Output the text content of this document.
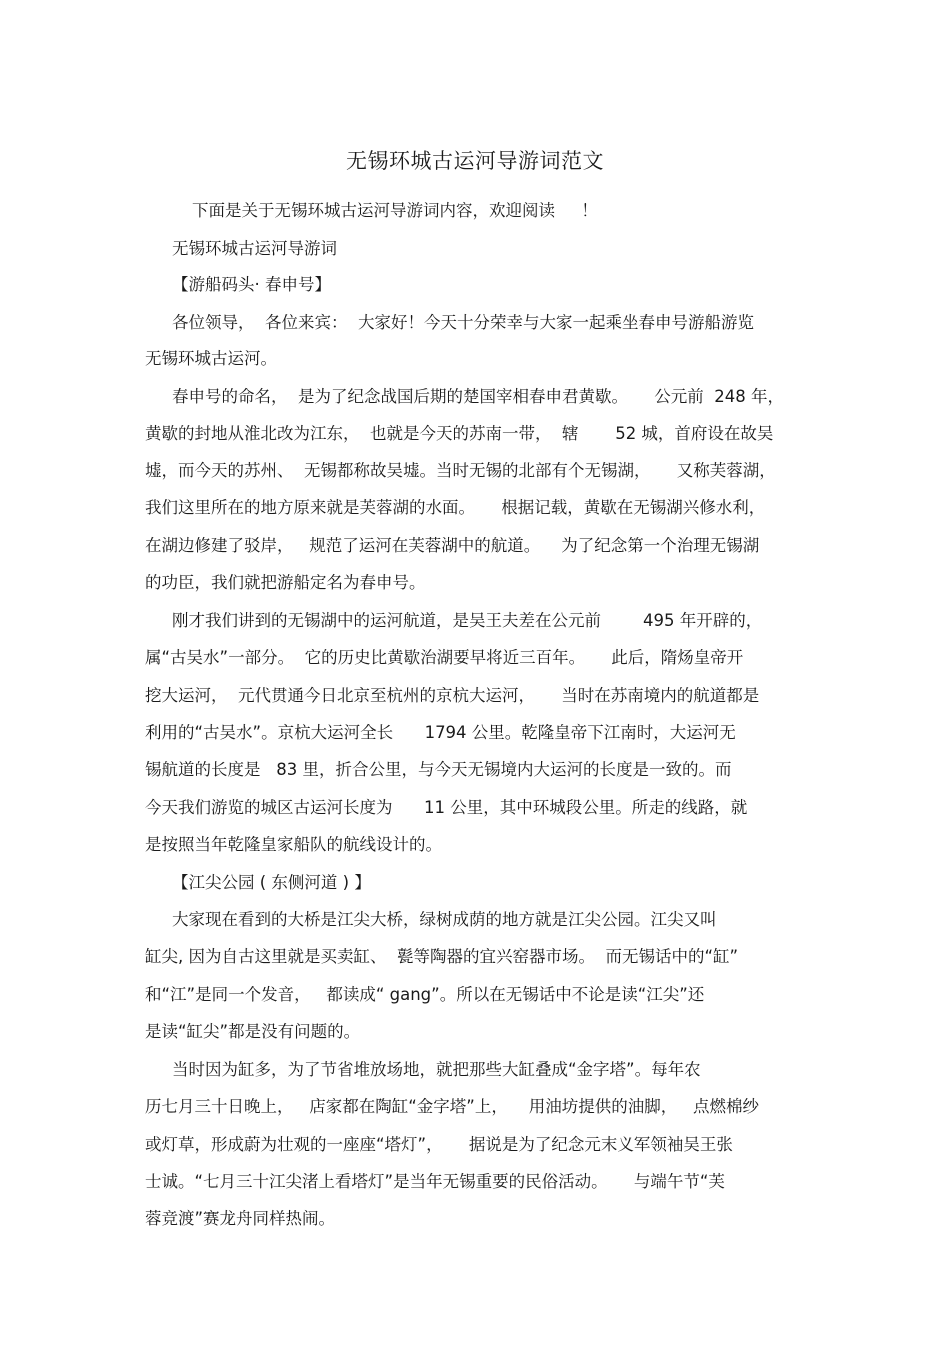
无锡环城古运河导游词范文
下面是关于无锡环城古运河导游词内容，欢迎阅读     ！
无锡环城古运河导游词
【游船码头· 春申号】
各位领导，  各位来宾：  大家好！今天十分荣幸与大家一起乘坐春申号游船游览
无锡环城古运河。
春申号的命名，  是为了纪念战国后期的楚国宰相春申君黄歇。     公元前  248 年，
黄歇的封地从淮北改为江东，  也就是今天的苏南一带，  辖       52 城，首府设在故吴
墟，而今天的苏州、  无锡都称故吴墟。当时无锡的北部有个无锡湖，     又称芙蓉湖，
我们这里所在的地方原来就是芙蓉湖的水面。     根据记载，黄歇在无锡湖兴修水利，
在湖边修建了驳岸，   规范了运河在芙蓉湖中的航道。    为了纪念第一个治理无锡湖
的功臣，我们就把游船定名为春申号。
刚才我们讲到的无锡湖中的运河航道，是吴王夫差在公元前        495 年开辟的，
属“古吴水”一部分。  它的历史比黄歇治湖要早将近三百年。     此后，隋炀皇帝开
挖大运河，  元代贯通今日北京至杭州的京杭大运河，     当时在苏南境内的航道都是
利用的“古吴水”。京杭大运河全长      1794 公里。乾隆皇帝下江南时，大运河无
锡航道的长度是   83 里，折合公里，与今天无锡境内大运河的长度是一致的。而
今天我们游览的城区古运河长度为      11 公里，其中环城段公里。所走的线路，就
是按照当年乾隆皇家船队的航线设计的。
【江尖公园 ( 东侧河道 ) 】
大家现在看到的大桥是江尖大桥，绿树成荫的地方就是江尖公园。江尖又叫
缸尖, 因为自古这里就是买卖缸、  甏等陶器的宜兴窑器市场。  而无锡话中的“缸”
和“江”是同一个发音，   都读成“ gang”。所以在无锡话中不论是读“江尖”还
是读“缸尖”都是没有问题的。
当时因为缸多，为了节省堆放场地，就把那些大缸叠成“金字塔”。每年农
历七月三十日晚上，   店家都在陶缸“金字塔”上，    用油坊提供的油脚，   点燃棉纱
或灯草，形成蔚为壮观的一座座“塔灯”，     据说是为了纪念元末义军领袖吴王张
士诚。“七月三十江尖渚上看塔灯”是当年无锡重要的民俗活动。     与端午节“芙
蓉竞渡”赛龙舟同样热闹。
